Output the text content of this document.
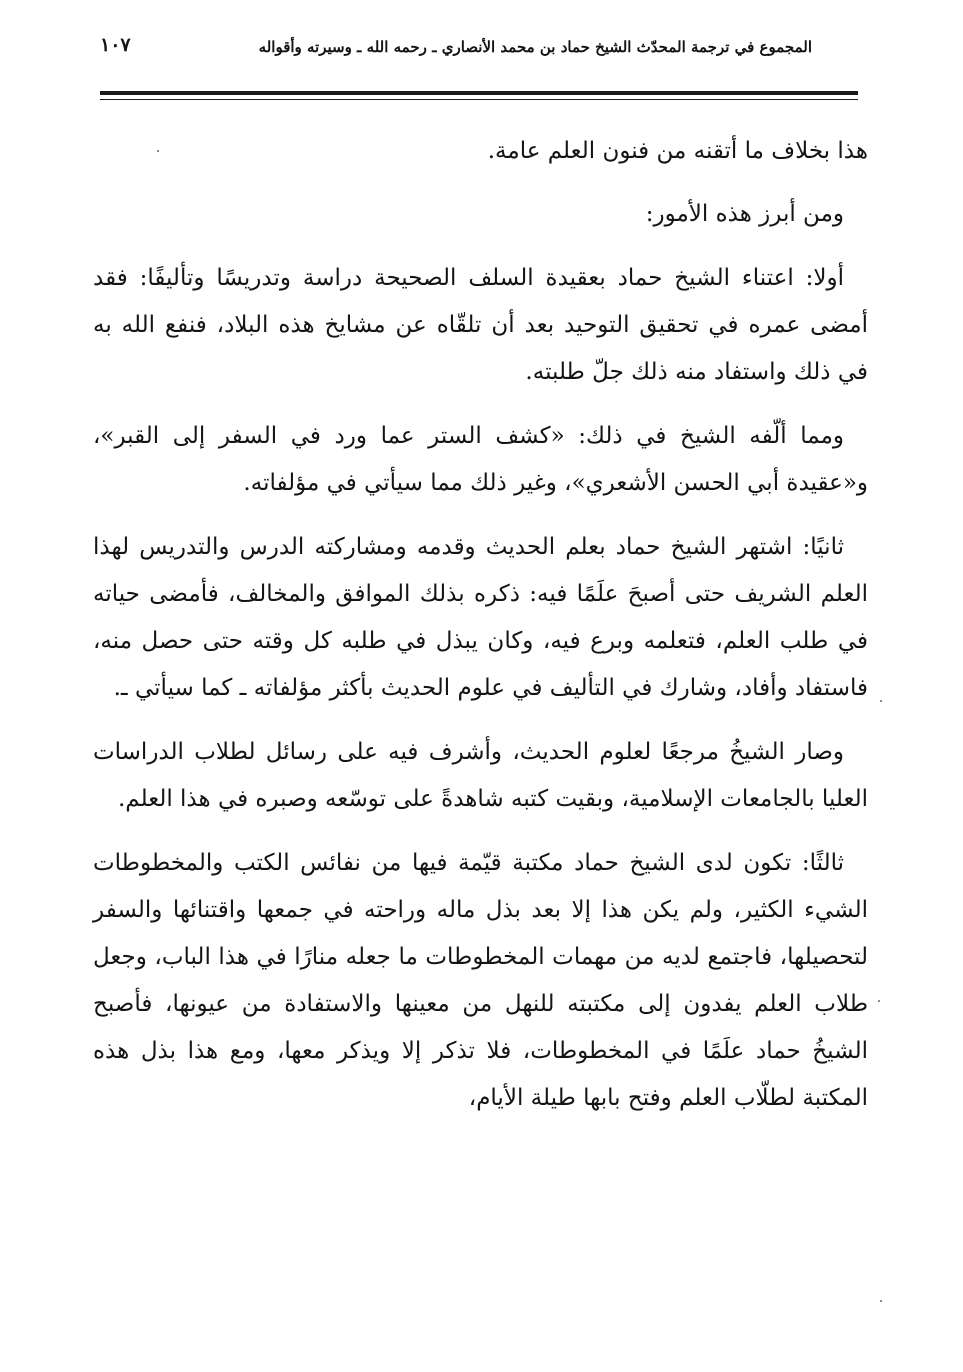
المجموع في ترجمة المحدّث الشيخ حماد بن محمد الأنصاري ـ رحمه الله ـ وسيرته وأقواله
١٠٧

هذا بخلاف ما أتقنه من فنون العلم عامة.

ومن أبرز هذه الأمور:

أولا: اعتناء الشيخ حماد بعقيدة السلف الصحيحة دراسة وتدريسًا وتأليفًا: فقد أمضى عمره في تحقيق التوحيد بعد أن تلقّاه عن مشايخ هذه البلاد، فنفع الله به في ذلك واستفاد منه ذلك جلّ طلبته.

ومما ألّفه الشيخ في ذلك: «كشف الستر عما ورد في السفر إلى القبر»، و«عقيدة أبي الحسن الأشعري»، وغير ذلك مما سيأتي في مؤلفاته.

ثانيًا: اشتهر الشيخ حماد بعلم الحديث وقدمه ومشاركته الدرس والتدريس لهذا العلم الشريف حتى أصبحَ علَمًا فيه: ذكره بذلك الموافق والمخالف، فأمضى حياته في طلب العلم، فتعلمه وبرع فيه، وكان يبذل في طلبه كل وقته حتى حصل منه، فاستفاد وأفاد، وشارك في التأليف في علوم الحديث بأكثر مؤلفاته ـ كما سيأتي ـ.

وصار الشيخُ مرجعًا لعلوم الحديث، وأشرف فيه على رسائل لطلاب الدراسات العليا بالجامعات الإسلامية، وبقيت كتبه شاهدةً على توسّعه وصبره في هذا العلم.

ثالثًا: تكون لدى الشيخ حماد مكتبة قيّمة فيها من نفائس الكتب والمخطوطات الشيء الكثير، ولم يكن هذا إلا بعد بذل ماله وراحته في جمعها واقتنائها والسفر لتحصيلها، فاجتمع لديه من مهمات المخطوطات ما جعله منارًا في هذا الباب، وجعل طلاب العلم يفدون إلى مكتبته للنهل من معينها والاستفادة من عيونها، فأصبح الشيخُ حماد علَمًا في المخطوطات، فلا تذكر إلا ويذكر معها، ومع هذا بذل هذه المكتبة لطلّاب العلم وفتح بابها طيلة الأيام،
